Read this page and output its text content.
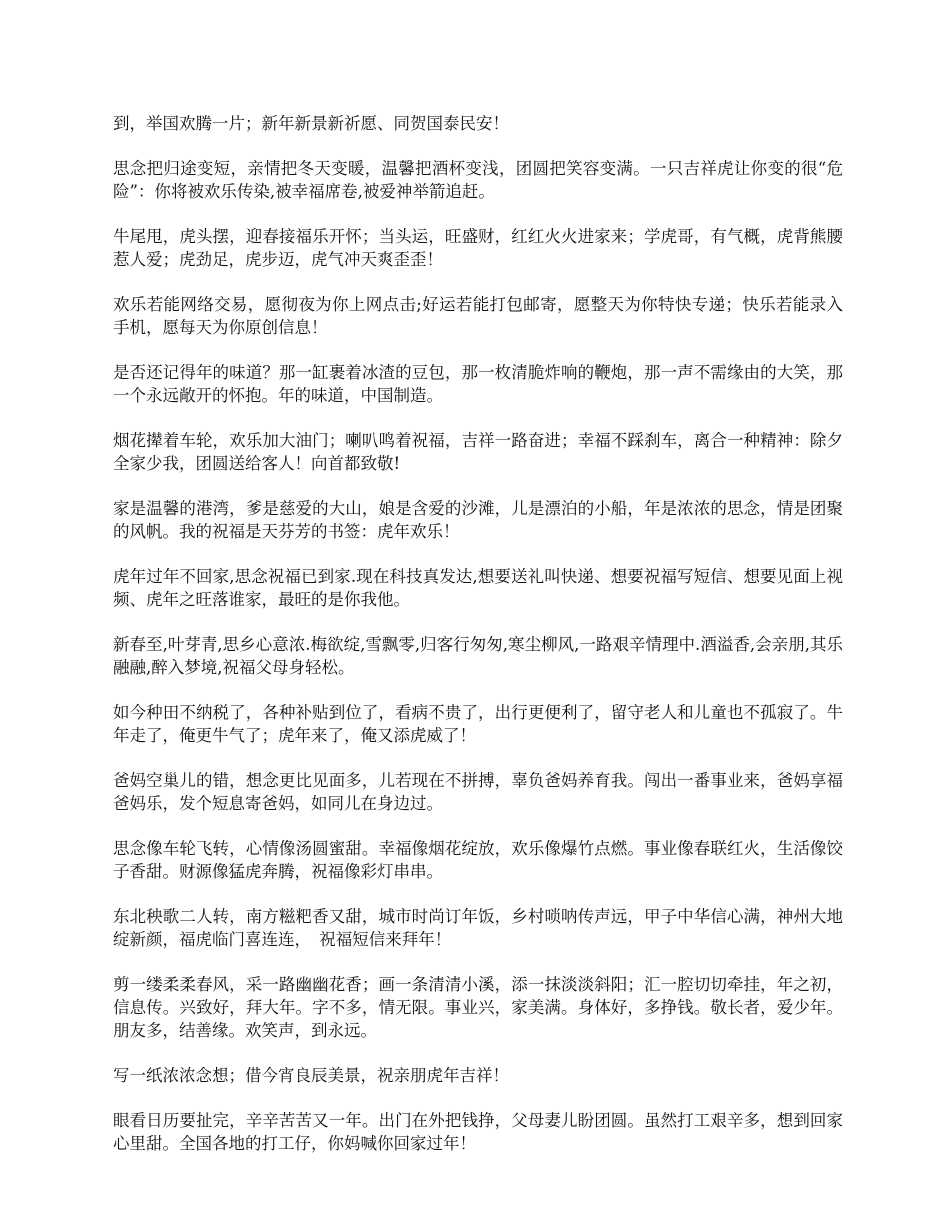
到，举国欢腾一片；新年新景新祈愿、同贺国泰民安！

思念把归途变短，亲情把冬天变暖，温馨把酒杯变浅，团圆把笑容变满。一只吉祥虎让你变的很“危险”：你将被欢乐传染,被幸福席卷,被爱神举箭追赶。

牛尾甩，虎头摆，迎春接福乐开怀；当头运，旺盛财，红红火火进家来；学虎哥，有气概，虎背熊腰惹人爱；虎劲足，虎步迈，虎气冲天爽歪歪！

欢乐若能网络交易，愿彻夜为你上网点击;好运若能打包邮寄，愿整天为你特快专递；快乐若能录入手机，愿每天为你原创信息！

是否还记得年的味道？那一缸裹着冰渣的豆包，那一枚清脆炸响的鞭炮，那一声不需缘由的大笑，那一个永远敞开的怀抱。年的味道，中国制造。

烟花撵着车轮，欢乐加大油门；喇叭鸣着祝福，吉祥一路奋进；幸福不踩刹车，离合一种精神：除夕全家少我，团圆送给客人！向首都致敬!

家是温馨的港湾，爹是慈爱的大山，娘是含爱的沙滩，儿是漂泊的小船，年是浓浓的思念，情是团聚的风帆。我的祝福是天芬芳的书签：虎年欢乐！

虎年过年不回家,思念祝福已到家.现在科技真发达,想要送礼叫快递、想要祝福写短信、想要见面上视频、虎年之旺落谁家，最旺的是你我他。

新春至,叶芽青,思乡心意浓.梅欲绽,雪飘零,归客行匆匆,寒尘柳风,一路艰辛情理中.酒溢香,会亲朋,其乐融融,醉入梦境,祝福父母身轻松。

如今种田不纳税了，各种补贴到位了，看病不贵了，出行更便利了，留守老人和儿童也不孤寂了。牛年走了，俺更牛气了；虎年来了，俺又添虎威了！

爸妈空巢儿的错，想念更比见面多，儿若现在不拼搏，辜负爸妈养育我。闯出一番事业来，爸妈享福爸妈乐，发个短息寄爸妈，如同儿在身边过。

思念像车轮飞转，心情像汤圆蜜甜。幸福像烟花绽放，欢乐像爆竹点燃。事业像春联红火，生活像饺子香甜。财源像猛虎奔腾，祝福像彩灯串串。

东北秧歌二人转，南方糍粑香又甜，城市时尚订年饭，乡村唢呐传声远，甲子中华信心满，神州大地绽新颜，福虎临门喜连连，　祝福短信来拜年！

剪一缕柔柔春风，采一路幽幽花香；画一条清清小溪，添一抹淡淡斜阳；汇一腔切切牵挂，年之初，信息传。兴致好，拜大年。字不多，情无限。事业兴，家美满。身体好，多挣钱。敬长者，爱少年。朋友多，结善缘。欢笑声，到永远。

写一纸浓浓念想；借今宵良辰美景，祝亲朋虎年吉祥！

眼看日历要扯完，辛辛苦苦又一年。出门在外把钱挣，父母妻儿盼团圆。虽然打工艰辛多，想到回家心里甜。全国各地的打工仔，你妈喊你回家过年！
